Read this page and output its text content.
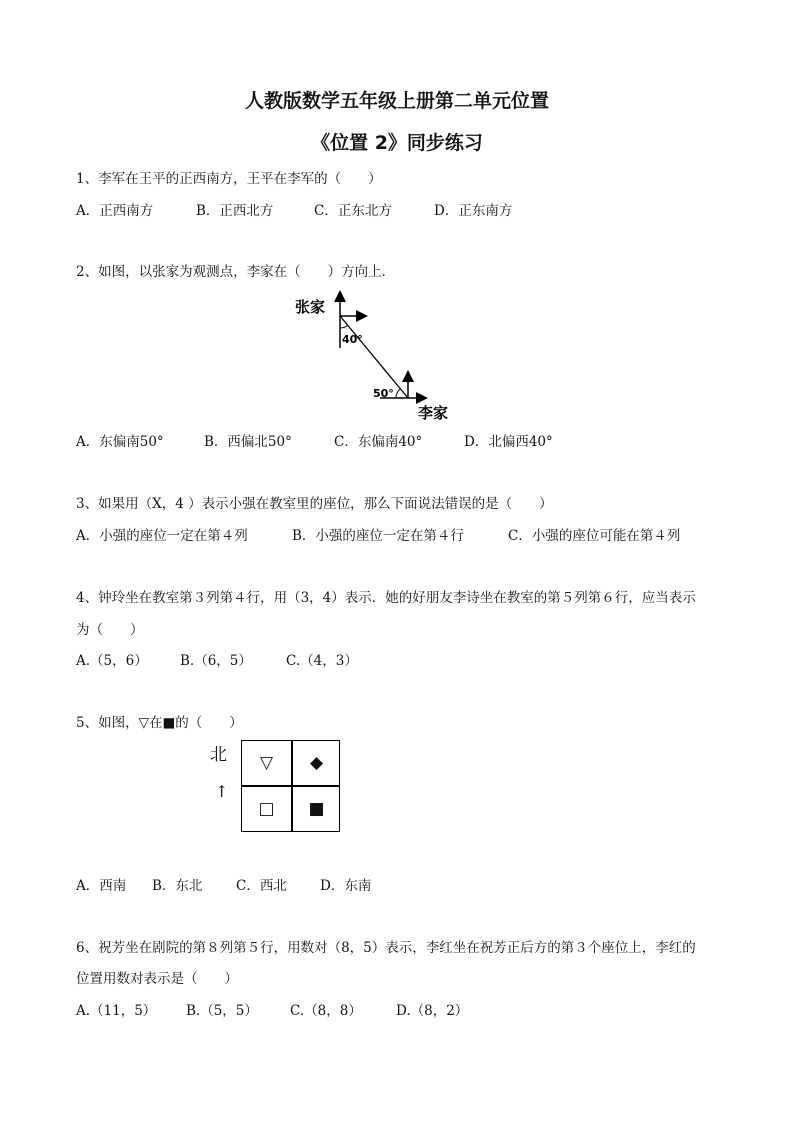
人教版数学五年级上册第二单元位置
《位置 2》同步练习
1、李军在王平的正西南方，王平在李军的（　　）
A．正西南方	B．正西北方	C．正东北方	D．正东南方
2、如图，以张家为观测点，李家在（　　）方向上．
张家
40°
50°
李家
A．东偏南50°	B．西偏北50°	C．东偏南40°	D．北偏西40°
3、如果用（X，4 ）表示小强在教室里的座位，那么下面说法错误的是（　　）
A．小强的座位一定在第４列	B．小强的座位一定在第４行	C．小强的座位可能在第４列
4、钟玲坐在教室第３列第４行，用（3，4）表示．她的好朋友李诗坐在教室的第５列第６行，应当表示
为（　　）
A.（5，6） B.（6，5）	C.（4，3）
5、如图，▽在■的（　　）
北
↑
▽	◆
□	■
A．西南 B．东北 C．西北 D．东南
6、祝芳坐在剧院的第８列第５行，用数对（8，5）表示，李红坐在祝芳正后方的第３个座位上，李红的
位置用数对表示是（　　）
A.（11，5） B.（5，5） C.（8，8）	D.（8，2）
